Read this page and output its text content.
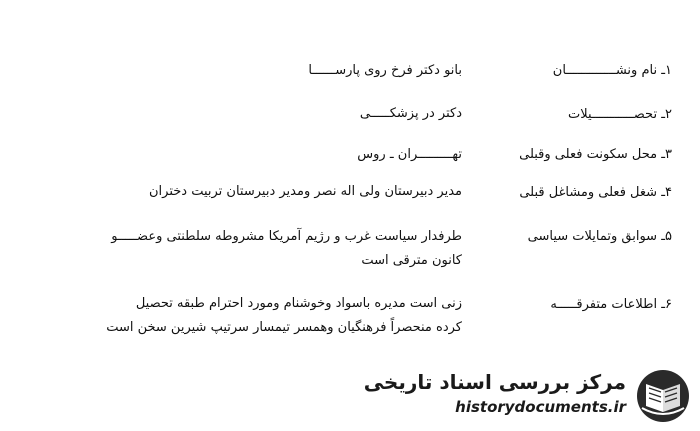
۱ـ نام ونشـــــــــــــان

بانو دکتر فرخ روی پارســــــا

۲ـ تحصـــــــــــیلات

دکتر در پزشکـــــی

۳ـ محل سکونت فعلی وقبلی

تهـــــــــران ـ روس

۴ـ شغل فعلی ومشاغل قبلی

مدیر دبیرستان ولی اله نصر ومدیر دبیرستان تربیت دختران

۵ـ سوابق وتمایلات سیاسی

طرفدار سیاست غرب و رژیم آمریکا مشروطه سلطنتی وعضـــــو

کانون مترقی است

۶ـ اطلاعات متفرقـــــه

زنی است مدیره باسواد وخوشنام ومورد احترام طبقه تحصیل

کرده منحصراً فرهنگیان وهمسر تیمسار سرتیپ شیرین سخن است

مرکز بررسی اسناد تاریخی
historydocuments.ir
